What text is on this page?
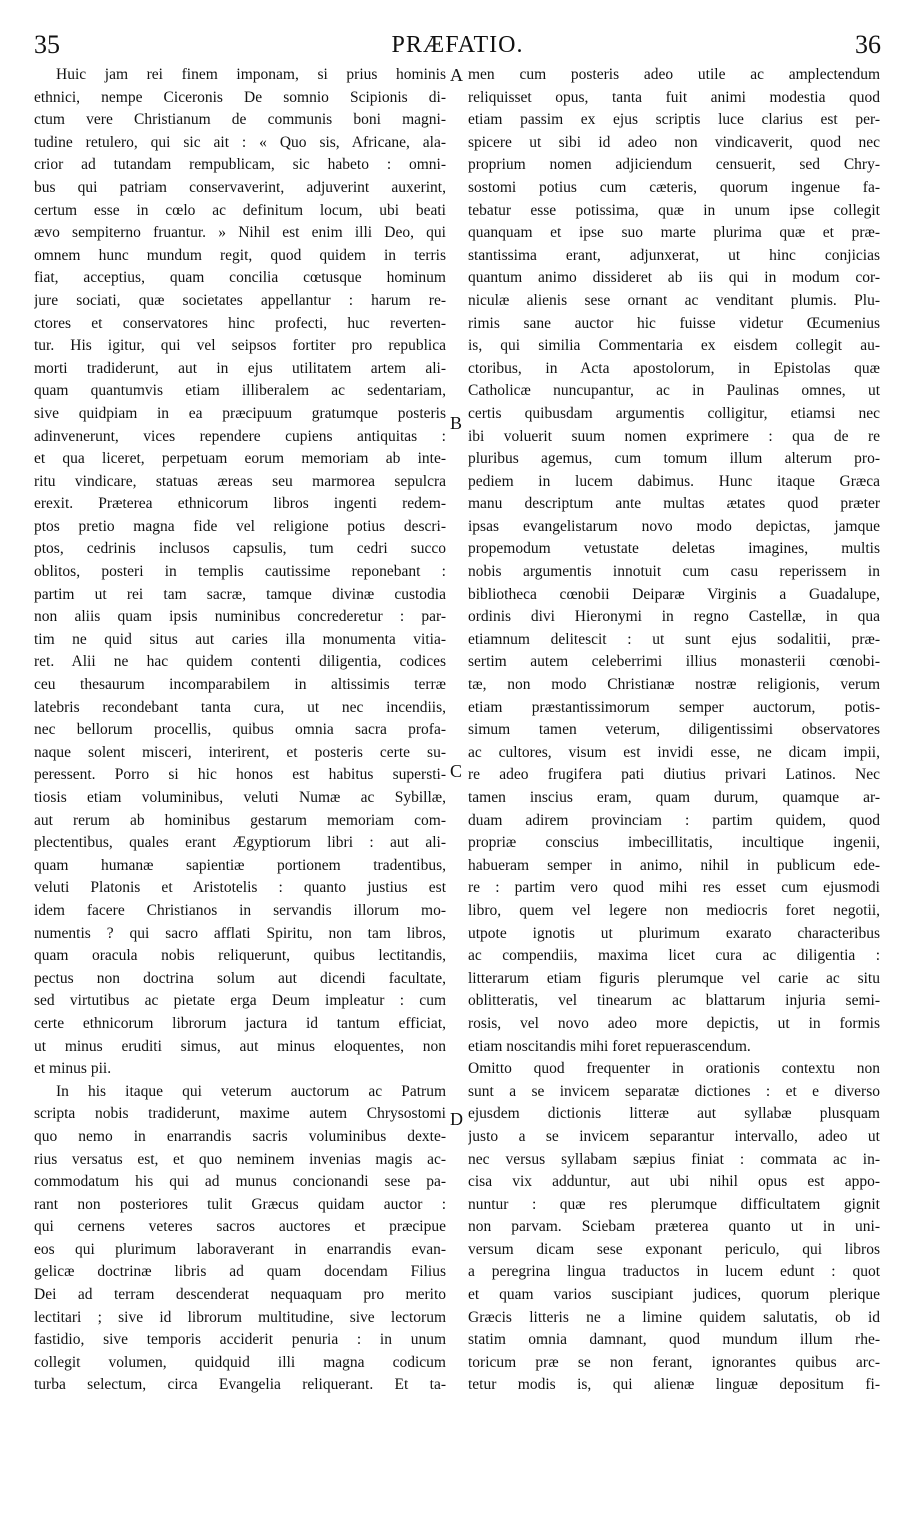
35	PRÆFATIO.	36
Huic jam rei finem imponam, si prius hominis
ethnici, nempe Ciceronis De somnio Scipionis di-
ctum vere Christianum de communis boni magni-
tudine retulero, qui sic ait : « Quo sis, Africane, ala-
crior ad tutandam rempublicam, sic habeto : omni-
bus qui patriam conservaverint, adjuverint auxerint,
certum esse in cœlo ac definitum locum, ubi beati
ævo sempiterno fruantur. » Nihil est enim illi Deo, qui
omnem hunc mundum regit, quod quidem in terris
fiat, acceptius, quam concilia cœtusque hominum
jure sociati, quæ societates appellantur : harum re-
ctores et conservatores hinc profecti, huc reverten-
tur. His igitur, qui vel seipsos fortiter pro republica
morti tradiderunt, aut in ejus utilitatem artem ali-
quam quantumvis etiam illiberalem ac sedentariam,
sive quidpiam in ea præcipuum gratumque posteris
adinvenerunt, vices rependere cupiens antiquitas :
et qua liceret, perpetuam eorum memoriam ab inte-
ritu vindicare, statuas æreas seu marmorea sepulcra
erexit. Præterea ethnicorum libros ingenti redem-
ptos pretio magna fide vel religione potius descri-
ptos, cedrinis inclusos capsulis, tum cedri succo
oblitos, posteri in templis cautissime reponebant :
partim ut rei tam sacræ, tamque divinæ custodia
non aliis quam ipsis numinibus concrederetur : par-
tim ne quid situs aut caries illa monumenta vitia-
ret. Alii ne hac quidem contenti diligentia, codices
ceu thesaurum incomparabilem in altissimis terræ
latebris recondebant tanta cura, ut nec incendiis,
nec bellorum procellis, quibus omnia sacra profa-
naque solent misceri, interirent, et posteris certe su-
peressent. Porro si hic honos est habitus supersti-
tiosis etiam voluminibus, veluti Numæ ac Sybillæ,
aut rerum ab hominibus gestarum memoriam com-
plectentibus, quales erant Ægyptiorum libri : aut ali-
quam humanæ sapientiæ portionem tradentibus,
veluti Platonis et Aristotelis : quanto justius est
idem facere Christianos in servandis illorum mo-
numentis ? qui sacro afflati Spiritu, non tam libros,
quam oracula nobis reliquerunt, quibus lectitandis,
pectus non doctrina solum aut dicendi facultate,
sed virtutibus ac pietate erga Deum impleatur : cum
certe ethnicorum librorum jactura id tantum efficiat,
ut minus eruditi simus, aut minus eloquentes, non
et minus pii.
In his itaque qui veterum auctorum ac Patrum
scripta nobis tradiderunt, maxime autem Chrysostomi
quo nemo in enarrandis sacris voluminibus dexte-
rius versatus est, et quo neminem invenias magis ac-
commodatum his qui ad munus concionandi sese pa-
rant non posteriores tulit Græcus quidam auctor :
qui cernens veteres sacros auctores et præcipue
eos qui plurimum laboraverant in enarrandis evan-
gelicæ doctrinæ libris ad quam docendam Filius
Dei ad terram descenderat nequaquam pro merito
lectitari ; sive id librorum multitudine, sive lectorum
fastidio, sive temporis acciderit penuria : in unum
collegit volumen, quidquid illi magna codicum
turba selectum, circa Evangelia reliquerant. Et ta-
A
B
C
D
men cum posteris adeo utile ac amplectendum
reliquisset opus, tanta fuit animi modestia quod
etiam passim ex ejus scriptis luce clarius est per-
spicere ut sibi id adeo non vindicaverit, quod nec
proprium nomen adjiciendum censuerit, sed Chry-
sostomi potius cum cæteris, quorum ingenue fa-
tebatur esse potissima, quæ in unum ipse collegit
quanquam et ipse suo marte plurima quæ et præ-
stantissima erant, adjunxerat, ut hinc conjicias
quantum animo dissideret ab iis qui in modum cor-
niculæ alienis sese ornant ac venditant plumis. Plu-
rimis sane auctor hic fuisse videtur Œcumenius
is, qui similia Commentaria ex eisdem collegit au-
ctoribus, in Acta apostolorum, in Epistolas quæ
Catholicæ nuncupantur, ac in Paulinas omnes, ut
certis quibusdam argumentis colligitur, etiamsi nec
ibi voluerit suum nomen exprimere : qua de re
pluribus agemus, cum tomum illum alterum pro-
pediem in lucem dabimus. Hunc itaque Græca
manu descriptum ante multas ætates quod præter
ipsas evangelistarum novo modo depictas, jamque
propemodum vetustate deletas imagines, multis
nobis argumentis innotuit cum casu reperissem in
bibliotheca cœnobii Deiparæ Virginis a Guadalupe,
ordinis divi Hieronymi in regno Castellæ, in qua
etiamnum delitescit : ut sunt ejus sodalitii, præ-
sertim autem celeberrimi illius monasterii cœnobi-
tæ, non modo Christianæ nostræ religionis, verum
etiam præstantissimorum semper auctorum, potis-
simum tamen veterum, diligentissimi observatores
ac cultores, visum est invidi esse, ne dicam impii,
re adeo frugifera pati diutius privari Latinos. Nec
tamen inscius eram, quam durum, quamque ar-
duam adirem provinciam : partim quidem, quod
propriæ conscius imbecillitatis, incultique ingenii,
habueram semper in animo, nihil in publicum ede-
re : partim vero quod mihi res esset cum ejusmodi
libro, quem vel legere non mediocris foret negotii,
utpote ignotis ut plurimum exarato characteribus
ac compendiis, maxima licet cura ac diligentia :
litterarum etiam figuris plerumque vel carie ac situ
oblitteratis, vel tinearum ac blattarum injuria semi-
rosis, vel novo adeo more depictis, ut in formis
etiam noscitandis mihi foret repuerascendum.
Omitto quod frequenter in orationis contextu non
sunt a se invicem separatæ dictiones : et e diverso
ejusdem dictionis litteræ aut syllabæ plusquam
justo a se invicem separantur intervallo, adeo ut
nec versus syllabam sæpius finiat : commata ac in-
cisa vix adduntur, aut ubi nihil opus est appo-
nuntur : quæ res plerumque difficultatem gignit
non parvam. Sciebam præterea quanto ut in uni-
versum dicam sese exponant periculo, qui libros
a peregrina lingua traductos in lucem edunt : quot
et quam varios suscipiant judices, quorum plerique
Græcis litteris ne a limine quidem salutatis, ob id
statim omnia damnant, quod mundum illum rhe-
toricum præ se non ferant, ignorantes quibus arc-
tetur modis is, qui alienæ linguæ depositum fi-
